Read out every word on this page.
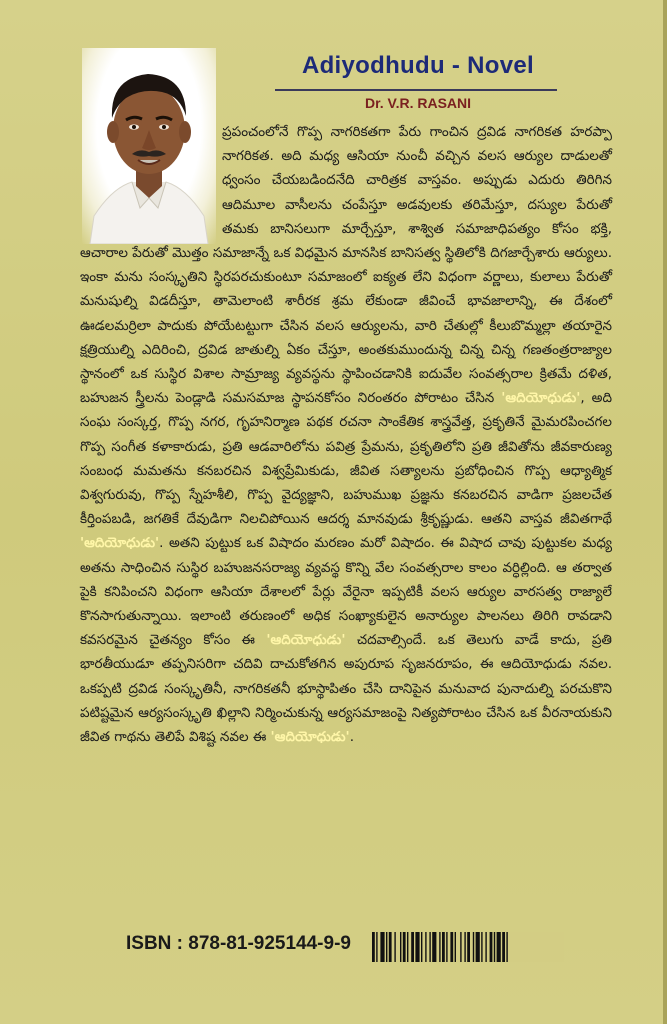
Adiyodhudu - Novel
Dr. V.R. RASANI
ప్రపంచంలోనే గొప్ప నాగరికతగా పేరు గాంచిన ద్రవిడ నాగరికత హరప్పా నాగరికత. అది మధ్య ఆసియా నుంచీ వచ్చిన వలస ఆర్యుల దాడులతో ధ్వంసం చేయబడిందనేది చారిత్రక వాస్తవం. అప్పుడు ఎదురు తిరిగిన ఆదిమూల వాసీలను చంపేస్తూ అడవులకు తరిమేస్తూ, దస్యుల పేరుతో తమకు బానిసలుగా మార్చేస్తూ, శాశ్విత సమాజాధిపత్యం కోసం భక్తి, ఆచారాల పేరుతో మొత్తం సమాజాన్నే ఒక విధమైన మానసిక బానిసత్వ స్థితిలోకి దిగజార్చేశారు ఆర్యులు. ఇంకా మను సంస్కృతిని స్థిరపరచుకుంటూ సమాజంలో ఐక్యత లేని విధంగా వర్ణాలు, కులాలు పేరుతో మనుషుల్ని విడదీస్తూ, తామెలాంటి శారీరక శ్రమ లేకుండా జీవించే భావజాలాన్ని, ఈ దేశంలో ఊడలమర్రిలా పాదుకు పోయేటట్టుగా చేసిన వలస ఆర్యులను, వారి చేతుల్లో కీలుబొమ్మల్లా తయారైన క్షత్రియుల్ని ఎదిరించి, ద్రవిడ జాతుల్ని ఏకం చేస్తూ, అంతకుముందున్న చిన్న చిన్న గణతంత్రరాజ్యాల స్థానంలో ఒక సుస్థిర విశాల సామ్రాజ్య వ్యవస్థను స్థాపించడానికి ఐదువేల సంవత్సరాల క్రితమే దళిత, బహుజన స్త్రీలను పెండ్లాడి సమసమాజ స్థాపనకోసం నిరంతరం పోరాటం చేసిన 'ఆదియోధుడు', అది సంఘ సంస్కర్త, గొప్ప నగర, గృహనిర్మాణ పథక రచనా సాంకేతిక శాస్త్రవేత్త, ప్రకృతినే మైమరపించగల గొప్ప సంగీత కళాకారుడు, ప్రతి ఆడవారిలోను పవిత్ర ప్రేమను, ప్రకృతిలోని ప్రతి జీవితోను జీవకారుణ్య సంబంధ మమతను కనబరచిన విశ్వప్రేమికుడు, జీవిత సత్యాలను ప్రబోధించిన గొప్ప ఆధ్యాత్మిక విశ్వగురువు, గొప్ప స్నేహశీలి, గొప్ప వైద్యజ్ఞాని, బహుముఖ ప్రజ్ఞను కనబరచిన వాడిగా ప్రజలచేత కీర్తింపబడి, జగతికే దేవుడిగా నిలచిపోయిన ఆదర్శ మానవుడు శ్రీకృష్ణుడు. ఆతని వాస్తవ జీవితగాథే 'ఆదియోధుడు'. అతని పుట్టుక ఒక విషాదం మరణం మరో విషాదం. ఈ విషాద చావు పుట్టుకల మధ్య అతను సాధించిన సుస్థిర బహుజనసరాజ్య వ్యవస్థ కొన్ని వేల సంవత్సరాల కాలం వర్ధిల్లింది. ఆ తర్వాత పైకి కనిపించని విధంగా ఆసియా దేశాలలో పేర్లు వేరైనా ఇప్పటికీ వలస ఆర్యుల వారసత్వ రాజ్యాలే కొనసాగుతున్నాయి. ఇలాంటి తరుణంలో అధిక సంఖ్యాకులైన అనార్యుల పాలనలు తిరిగి రావడాని కవసరమైన చైతన్యం కోసం ఈ 'ఆదియోధుడు' చదవాల్సిందే. ఒక తెలుగు వాడే కాదు, ప్రతి భారతీయుడూ తప్పనిసరిగా చదివి దాచుకోతగిన అపురూప సృజనరూపం, ఈ ఆదియోధుడు నవల. ఒకప్పటి ద్రవిడ సంస్కృతినీ, నాగరికతనీ భూస్థాపితం చేసి దానిపైన మనువాద పునాదుల్ని పరచుకొని పటిష్టమైన ఆర్యసంస్కృతి ఖిల్లాని నిర్మించుకున్న ఆర్యసమాజంపై నిత్యపోరాటం చేసిన ఒక వీరనాయకుని జీవిత గాథను తెలిపే విశిష్ట నవల ఈ 'ఆదియోధుడు'.
ISBN : 878-81-925144-9-9
